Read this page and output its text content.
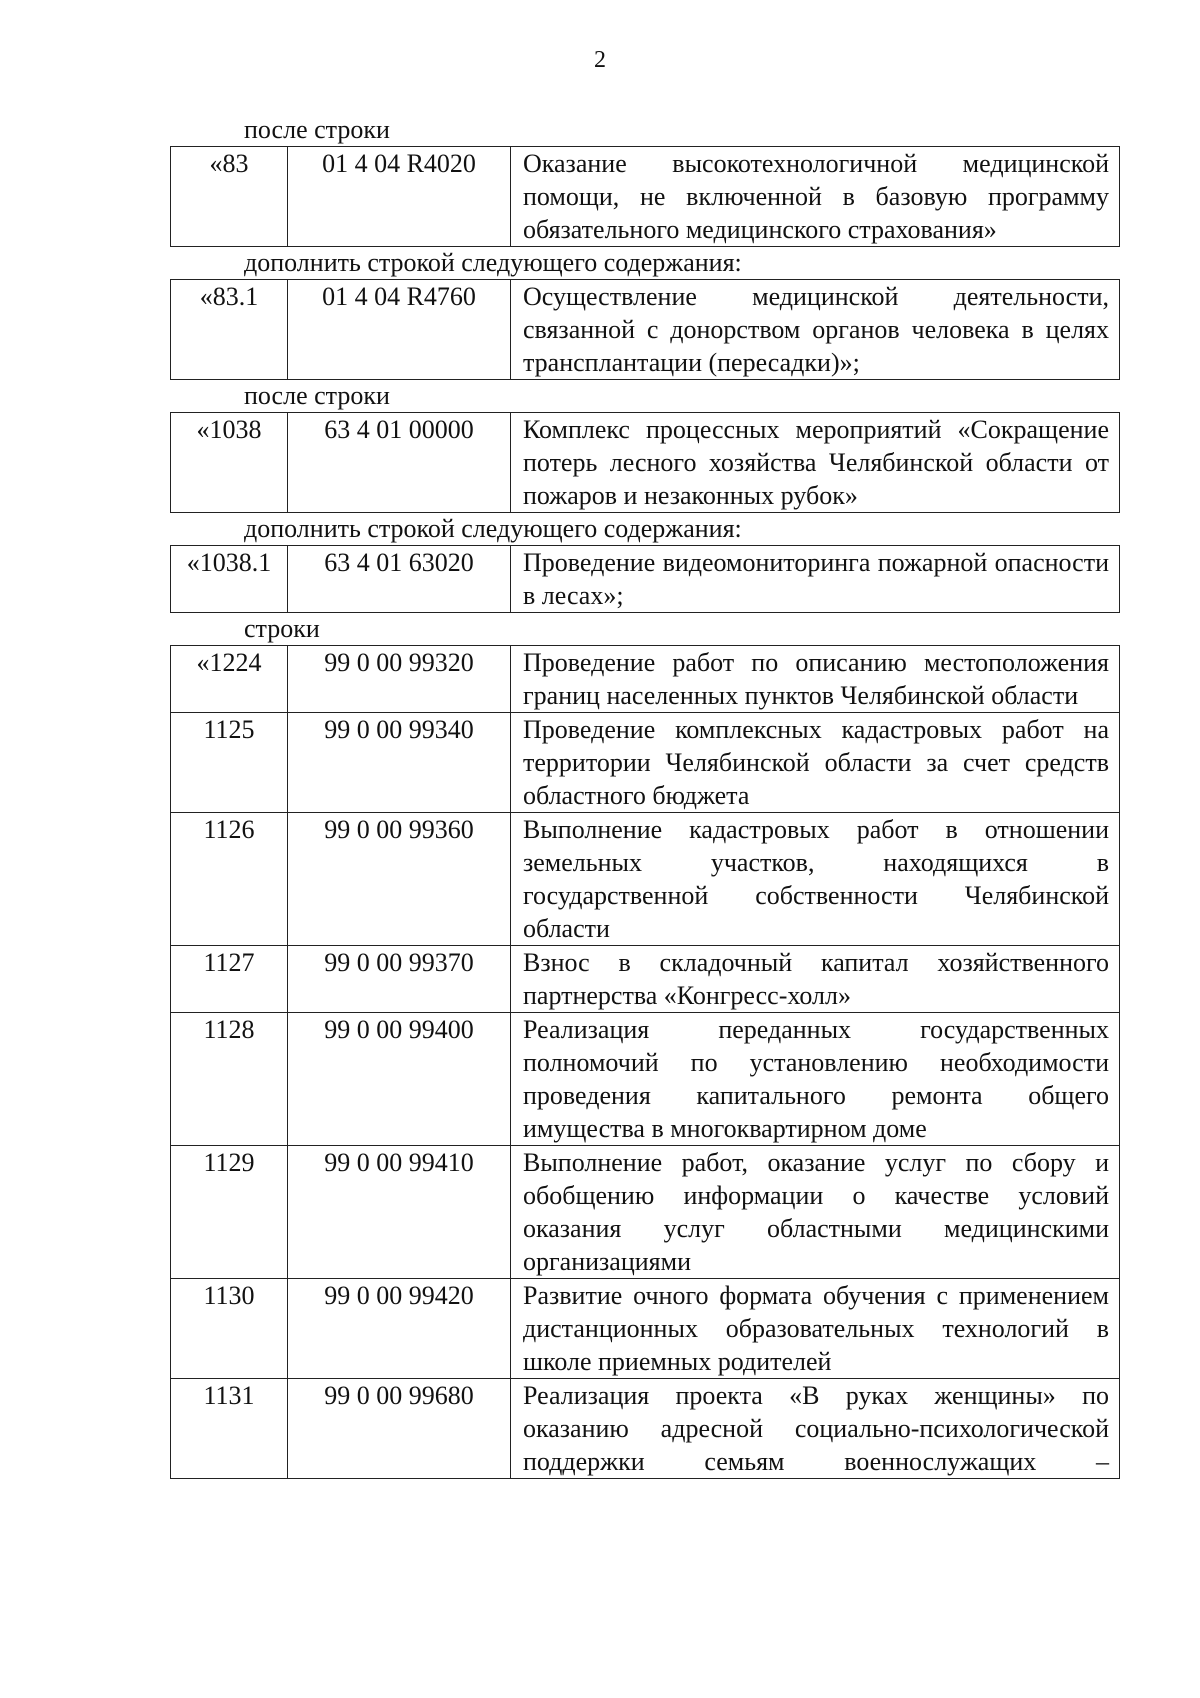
2
после строки
«83	01 4 04 R4020	Оказание высокотехнологичной медицинской помощи, не включенной в базовую программу обязательного медицинского страхования»
дополнить строкой следующего содержания:
«83.1	01 4 04 R4760	Осуществление медицинской деятельности, связанной с донорством органов человека в целях трансплантации (пересадки)»;
после строки
«1038	63 4 01 00000	Комплекс процессных мероприятий «Сокращение потерь лесного хозяйства Челябинской области от пожаров и незаконных рубок»
дополнить строкой следующего содержания:
«1038.1	63 4 01 63020	Проведение видеомониторинга пожарной опасности в лесах»;
строки
«1224	99 0 00 99320	Проведение работ по описанию местоположения границ населенных пунктов Челябинской области
1125	99 0 00 99340	Проведение комплексных кадастровых работ на территории Челябинской области за счет средств областного бюджета
1126	99 0 00 99360	Выполнение кадастровых работ в отношении земельных участков, находящихся в государственной собственности Челябинской области
1127	99 0 00 99370	Взнос в складочный капитал хозяйственного партнерства «Конгресс-холл»
1128	99 0 00 99400	Реализация переданных государственных полномочий по установлению необходимости проведения капитального ремонта общего имущества в многоквартирном доме
1129	99 0 00 99410	Выполнение работ, оказание услуг по сбору и обобщению информации о качестве условий оказания услуг областными медицинскими организациями
1130	99 0 00 99420	Развитие очного формата обучения с применением дистанционных образовательных технологий в школе приемных родителей
1131	99 0 00 99680	Реализация проекта «В руках женщины» по оказанию адресной социально-психологической поддержки семьям военнослужащих –
